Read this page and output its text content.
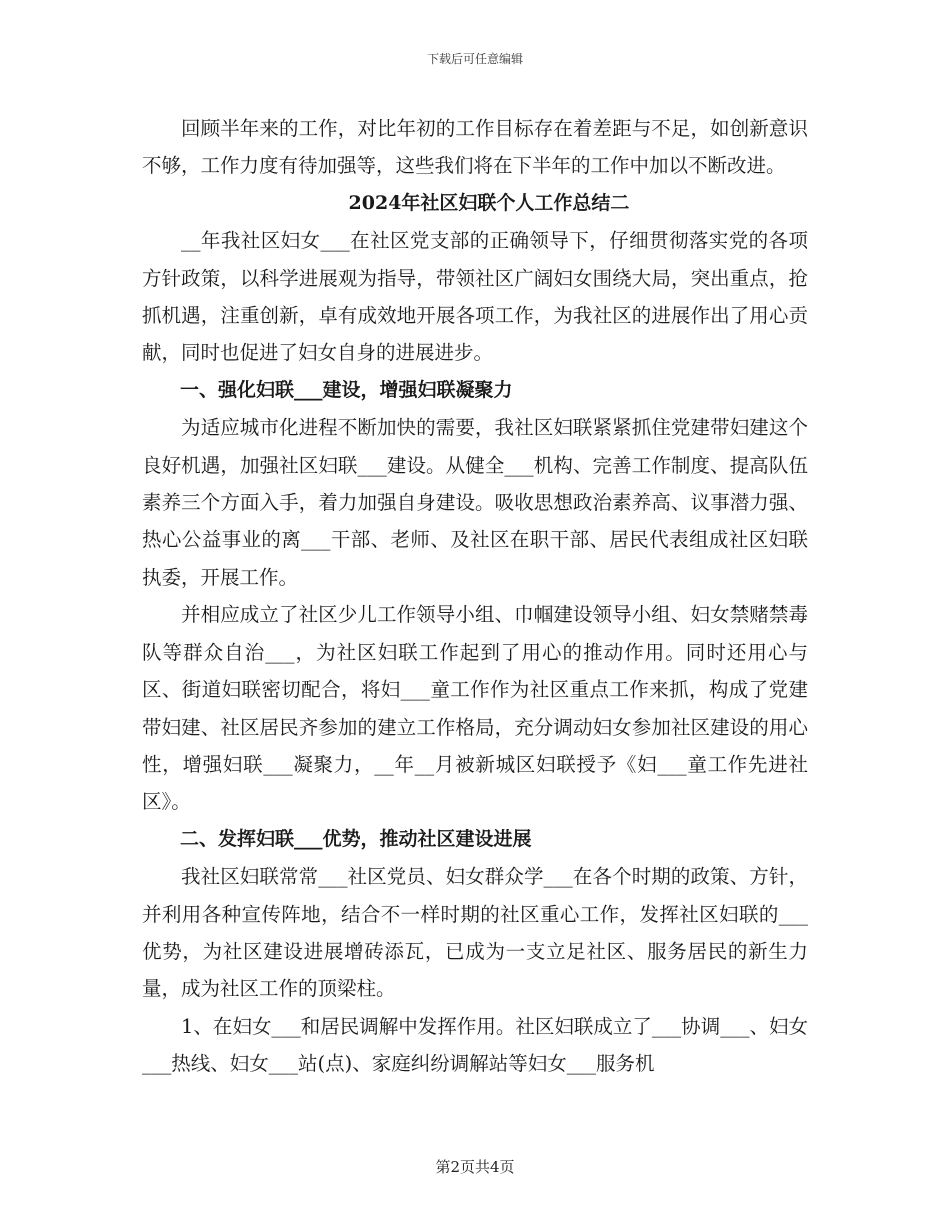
下载后可任意编辑

回顾半年来的工作，对比年初的工作目标存在着差距与不足，如创新意识不够，工作力度有待加强等，这些我们将在下半年的工作中加以不断改进。

2024年社区妇联个人工作总结二

__年我社区妇女___在社区党支部的正确领导下，仔细贯彻落实党的各项方针政策，以科学进展观为指导，带领社区广阔妇女围绕大局，突出重点，抢抓机遇，注重创新，卓有成效地开展各项工作，为我社区的进展作出了用心贡献，同时也促进了妇女自身的进展进步。

一、强化妇联___建设，增强妇联凝聚力

为适应城市化进程不断加快的需要，我社区妇联紧紧抓住党建带妇建这个良好机遇，加强社区妇联___建设。从健全___机构、完善工作制度、提高队伍素养三个方面入手，着力加强自身建设。吸收思想政治素养高、议事潜力强、热心公益事业的离___干部、老师、及社区在职干部、居民代表组成社区妇联执委，开展工作。

并相应成立了社区少儿工作领导小组、巾帼建设领导小组、妇女禁赌禁毒队等群众自治___，为社区妇联工作起到了用心的推动作用。同时还用心与区、街道妇联密切配合，将妇___童工作作为社区重点工作来抓，构成了党建带妇建、社区居民齐参加的建立工作格局，充分调动妇女参加社区建设的用心性，增强妇联___凝聚力，__年__月被新城区妇联授予《妇___童工作先进社区》。

二、发挥妇联___优势，推动社区建设进展

我社区妇联常常___社区党员、妇女群众学___在各个时期的政策、方针，并利用各种宣传阵地，结合不一样时期的社区重心工作，发挥社区妇联的___优势，为社区建设进展增砖添瓦，已成为一支立足社区、服务居民的新生力量，成为社区工作的顶梁柱。

1、在妇女___和居民调解中发挥作用。社区妇联成立了___协调___、妇女___热线、妇女___站(点)、家庭纠纷调解站等妇女___服务机

第2页共4页
